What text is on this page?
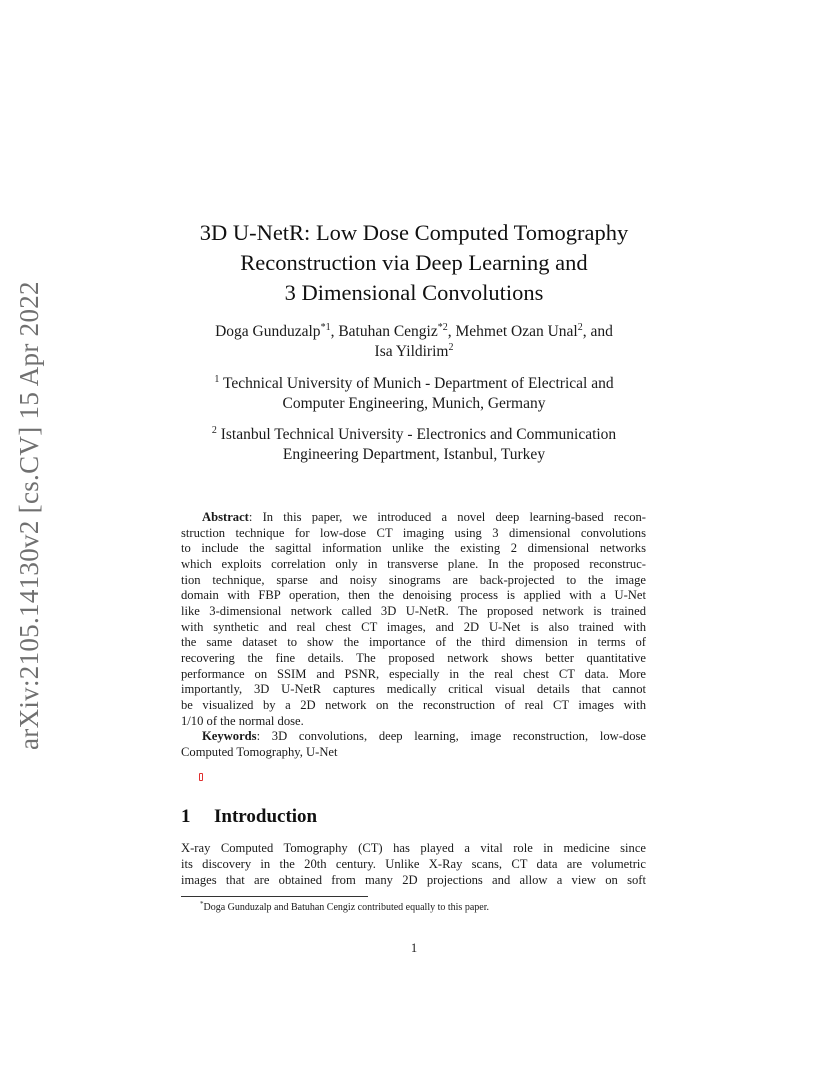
arXiv:2105.14130v2 [cs.CV] 15 Apr 2022
3D U-NetR: Low Dose Computed Tomography
Reconstruction via Deep Learning and
3 Dimensional Convolutions
Doga Gunduzalp$^{*1}$, Batuhan Cengiz$^{*2}$, Mehmet Ozan Unal$^2$, and
Isa Yildirim$^2$
$^1$ Technical University of Munich - Department of Electrical and
Computer Engineering, Munich, Germany
$^2$ Istanbul Technical University - Electronics and Communication
Engineering Department, Istanbul, Turkey
Abstract: In this paper, we introduced a novel deep learning-based recon-
struction technique for low-dose CT imaging using 3 dimensional convolutions
to include the sagittal information unlike the existing 2 dimensional networks
which exploits correlation only in transverse plane. In the proposed reconstruc-
tion technique, sparse and noisy sinograms are back-projected to the image
domain with FBP operation, then the denoising process is applied with a U-Net
like 3-dimensional network called 3D U-NetR. The proposed network is trained
with synthetic and real chest CT images, and 2D U-Net is also trained with
the same dataset to show the importance of the third dimension in terms of
recovering the fine details. The proposed network shows better quantitative
performance on SSIM and PSNR, especially in the real chest CT data. More
importantly, 3D U-NetR captures medically critical visual details that cannot
be visualized by a 2D network on the reconstruction of real CT images with
1/10 of the normal dose.
Keywords: 3D convolutions, deep learning, image reconstruction, low-dose
Computed Tomography, U-Net
1 Introduction
X-ray Computed Tomography (CT) has played a vital role in medicine since
its discovery in the 20th century. Unlike X-Ray scans, CT data are volumetric
images that are obtained from many 2D projections and allow a view on soft
*Doga Gunduzalp and Batuhan Cengiz contributed equally to this paper.
1
